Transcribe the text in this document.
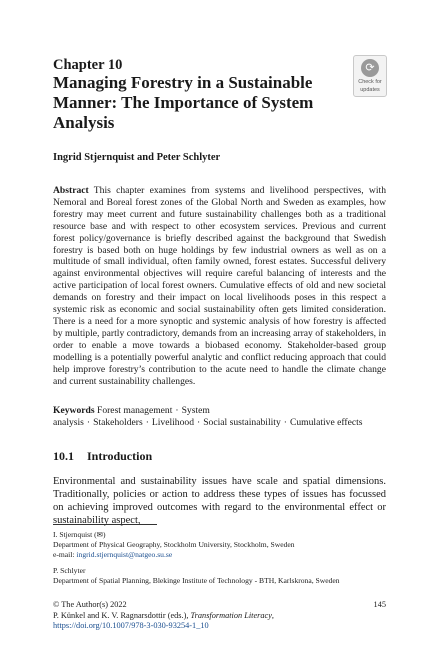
Chapter 10
Managing Forestry in a Sustainable Manner: The Importance of System Analysis
⟳
Check for
updates
Ingrid Stjernquist and Peter Schlyter
Abstract This chapter examines from systems and livelihood perspectives, with Nemoral and Boreal forest zones of the Global North and Sweden as examples, how forestry may meet current and future sustainability challenges both as a traditional resource base and with respect to other ecosystem services. Previous and current forest policy/governance is briefly described against the background that Swedish forestry is based both on huge holdings by few industrial owners as well as on a multitude of small individual, often family owned, forest estates. Successful delivery against environmental objectives will require careful balancing of interests and the active participation of local forest owners. Cumulative effects of old and new societal demands on forestry and their impact on local livelihoods poses in this respect a systemic risk as economic and social sustainability often gets limited consideration. There is a need for a more synoptic and systemic analysis of how forestry is affected by multiple, partly contradictory, demands from an increasing array of stakeholders, in order to enable a move towards a biobased economy. Stakeholder-based group modelling is a potentially powerful analytic and conflict reducing approach that could help improve forestry’s contribution to the acute need to handle the climate change and current sustainability challenges.
Keywords Forest management · System analysis · Stakeholders · Livelihood · Social sustainability · Cumulative effects
10.1 Introduction
Environmental and sustainability issues have scale and spatial dimensions. Traditionally, policies or action to address these types of issues has focussed on achieving improved outcomes with regard to the environmental effect or sustainability aspect,

I. Stjernquist (✉)

Department of Physical Geography, Stockholm University, Stockholm, Sweden

e-mail: ingrid.stjernquist@natgeo.su.se

P. Schlyter

Department of Spatial Planning, Blekinge Institute of Technology - BTH, Karlskrona, Sweden

145

© The Author(s) 2022

P. Künkel and K. V. Ragnarsdottir (eds.), Transformation Literacy,

https://doi.org/10.1007/978-3-030-93254-1_10
